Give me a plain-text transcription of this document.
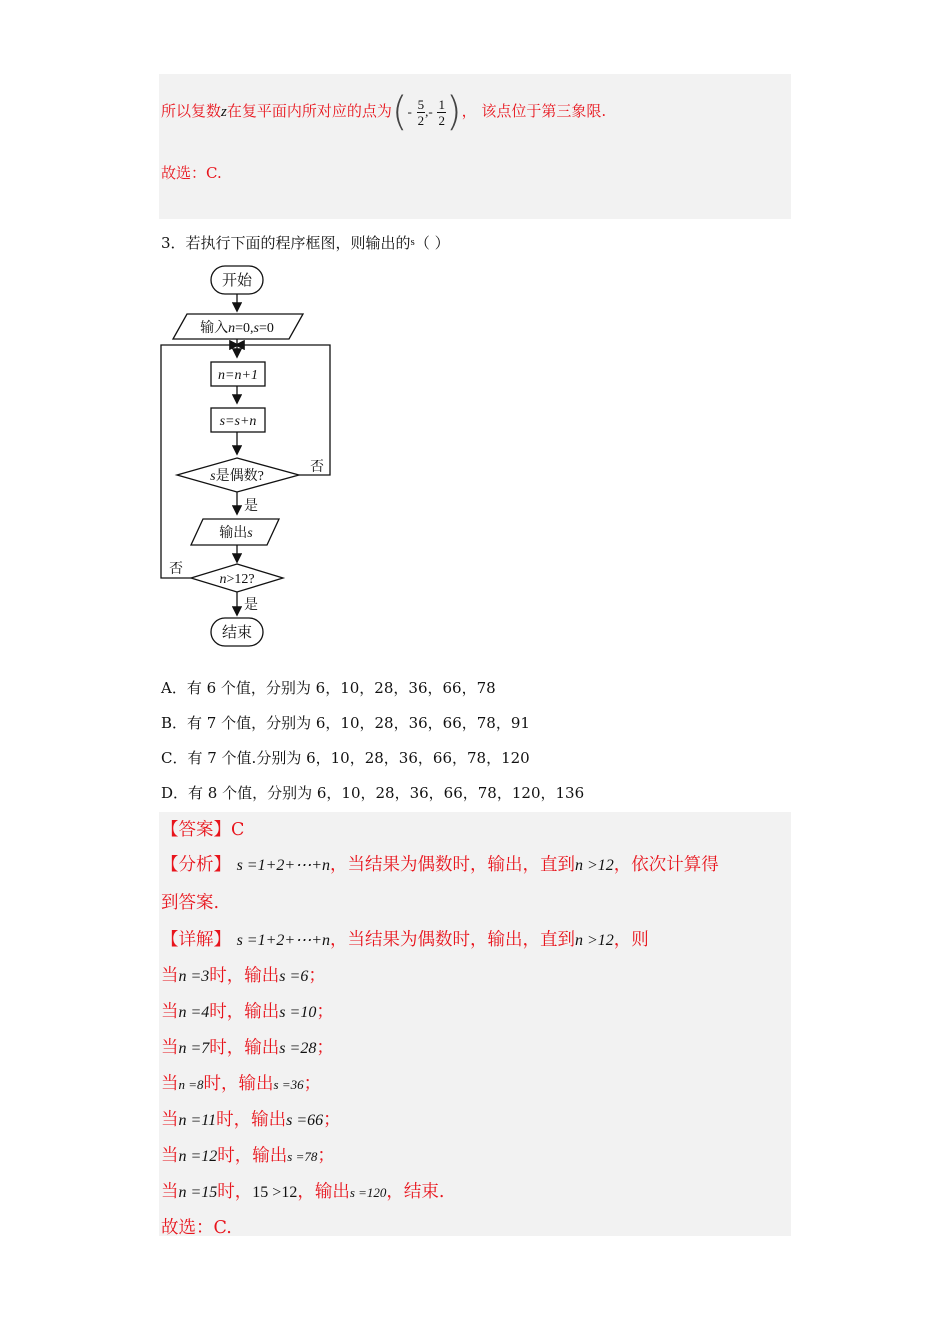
所以复数z在复平面内所对应的点为(- $\frac{5}{2}$ ,- $\frac{1}{2}$ )， 该点位于第三象限.
故选：C.
3．若执行下面的程序框图，则输出的$^s$（ ）
开始
输入n=0,s=0
n=n+1
s=s+n
s是偶数?
否
是
输出s
否
n>12?
是
结束
A．有 6 个值，分别为 6，10，28，36，66，78
B．有 7 个值，分别为 6，10，28，36，66，78，91
C．有 7 个值.分别为 6，10，28，36，66，78，120
D．有 8 个值，分别为 6，10，28，36，66，78，120，136
【答案】C
【分析】 s =1+2+⋯+n，当结果为偶数时，输出，直到n >12，依次计算得
到答案.
【详解】 s =1+2+⋯+n，当结果为偶数时，输出，直到n >12，则
当n =3时，输出s =6；
当n =4时，输出s =10；
当n =7时，输出s =28；
当n =8时，输出s =36；
当n =11时，输出s =66；
当n =12时，输出s =78；
当n =15时，15 >12，输出s =120，结束.
故选：C.
